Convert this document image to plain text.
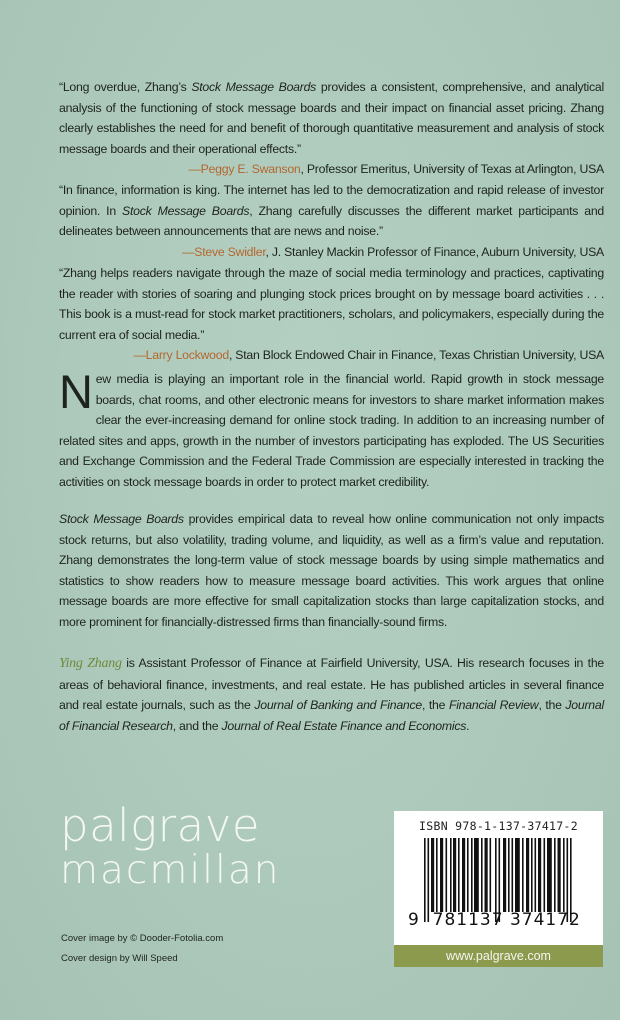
“Long overdue, Zhang’s Stock Message Boards provides a consistent, comprehensive, and analytical analysis of the functioning of stock message boards and their impact on financial asset pricing. Zhang clearly establishes the need for and benefit of thorough quantitative measurement and analysis of stock message boards and their operational effects.”

—Peggy E. Swanson, Professor Emeritus, University of Texas at Arlington, USA

“In finance, information is king. The internet has led to the democratization and rapid release of investor opinion. In Stock Message Boards, Zhang carefully discusses the different market participants and delineates between announcements that are news and noise.”

—Steve Swidler, J. Stanley Mackin Professor of Finance, Auburn University, USA

“Zhang helps readers navigate through the maze of social media terminology and practices, captivating the reader with stories of soaring and plunging stock prices brought on by message board activities . . . This book is a must-read for stock market practitioners, scholars, and policymakers, especially during the current era of social media.”

—Larry Lockwood, Stan Block Endowed Chair in Finance, Texas Christian University, USA

New media is playing an important role in the financial world. Rapid growth in stock message boards, chat rooms, and other electronic means for investors to share market information makes clear the ever-increasing demand for online stock trading. In addition to an increasing number of related sites and apps, growth in the number of investors participating has exploded. The US Securities and Exchange Commission and the Federal Trade Commission are especially interested in tracking the activities on stock message boards in order to protect market credibility.

Stock Message Boards provides empirical data to reveal how online communication not only impacts stock returns, but also volatility, trading volume, and liquidity, as well as a firm’s value and reputation. Zhang demonstrates the long-term value of stock message boards by using simple mathematics and statistics to show readers how to measure message board activities. This work argues that online message boards are more effective for small capitalization stocks than large capitalization stocks, and more prominent for financially-distressed firms than financially-sound firms.

Ying Zhang is Assistant Professor of Finance at Fairfield University, USA. His research focuses in the areas of behavioral finance, investments, and real estate. He has published articles in several finance and real estate journals, such as the Journal of Banking and Finance, the Financial Review, the Journal of Financial Research, and the Journal of Real Estate Finance and Economics.

palgrave
macmillan
Cover image by © Dooder-Fotolia.com
Cover design by Will Speed
ISBN 978-1-137-37417-2
9 781137 374172
www.palgrave.com
